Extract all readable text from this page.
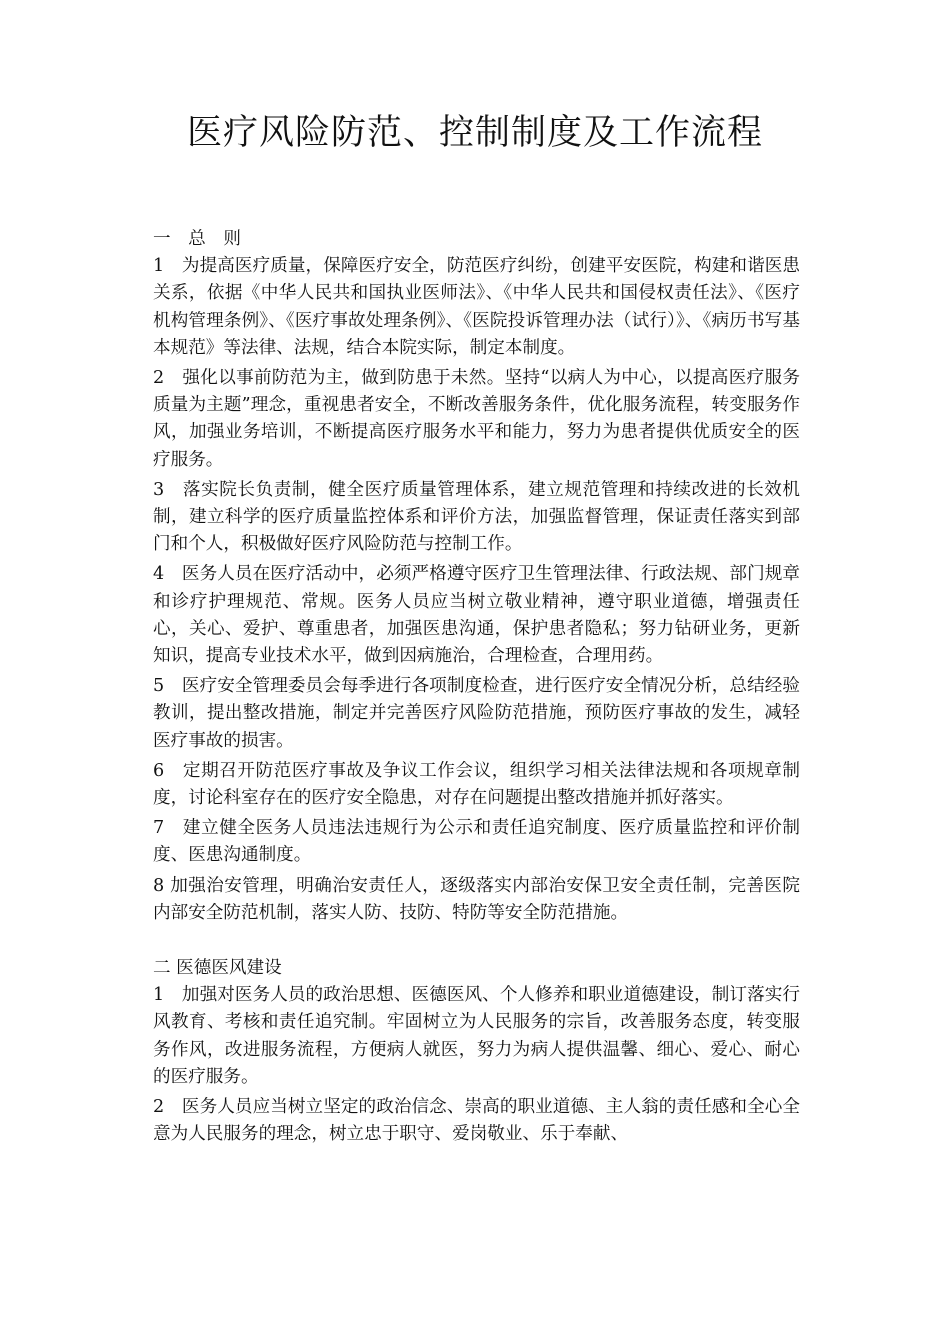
医疗风险防范、控制制度及工作流程

一 总 则

1　为提高医疗质量，保障医疗安全，防范医疗纠纷，创建平安医院，构建和谐医患关系，依据《中华人民共和国执业医师法》、《中华人民共和国侵权责任法》、《医疗机构管理条例》、《医疗事故处理条例》、《医院投诉管理办法（试行）》、《病历书写基本规范》等法律、法规，结合本院实际，制定本制度。

2　强化以事前防范为主，做到防患于未然。坚持“以病人为中心，以提高医疗服务质量为主题”理念，重视患者安全，不断改善服务条件，优化服务流程，转变服务作风，加强业务培训，不断提高医疗服务水平和能力，努力为患者提供优质安全的医疗服务。

3　落实院长负责制，健全医疗质量管理体系，建立规范管理和持续改进的长效机制，建立科学的医疗质量监控体系和评价方法，加强监督管理，保证责任落实到部门和个人，积极做好医疗风险防范与控制工作。

4　医务人员在医疗活动中，必须严格遵守医疗卫生管理法律、行政法规、部门规章和诊疗护理规范、常规。医务人员应当树立敬业精神，遵守职业道德，增强责任心，关心、爱护、尊重患者，加强医患沟通，保护患者隐私；努力钻研业务，更新知识，提高专业技术水平，做到因病施治，合理检查，合理用药。

5　医疗安全管理委员会每季进行各项制度检查，进行医疗安全情况分析，总结经验教训，提出整改措施，制定并完善医疗风险防范措施，预防医疗事故的发生，减轻医疗事故的损害。

6　定期召开防范医疗事故及争议工作会议，组织学习相关法律法规和各项规章制度，讨论科室存在的医疗安全隐患，对存在问题提出整改措施并抓好落实。

7　建立健全医务人员违法违规行为公示和责任追究制度、医疗质量监控和评价制度、医患沟通制度。

8 加强治安管理，明确治安责任人，逐级落实内部治安保卫安全责任制，完善医院内部安全防范机制，落实人防、技防、特防等安全防范措施。

二 医德医风建设

1　加强对医务人员的政治思想、医德医风、个人修养和职业道德建设，制订落实行风教育、考核和责任追究制。牢固树立为人民服务的宗旨，改善服务态度，转变服务作风，改进服务流程，方便病人就医，努力为病人提供温馨、细心、爱心、耐心的医疗服务。

2　医务人员应当树立坚定的政治信念、崇高的职业道德、主人翁的责任感和全心全意为人民服务的理念，树立忠于职守、爱岗敬业、乐于奉献、
